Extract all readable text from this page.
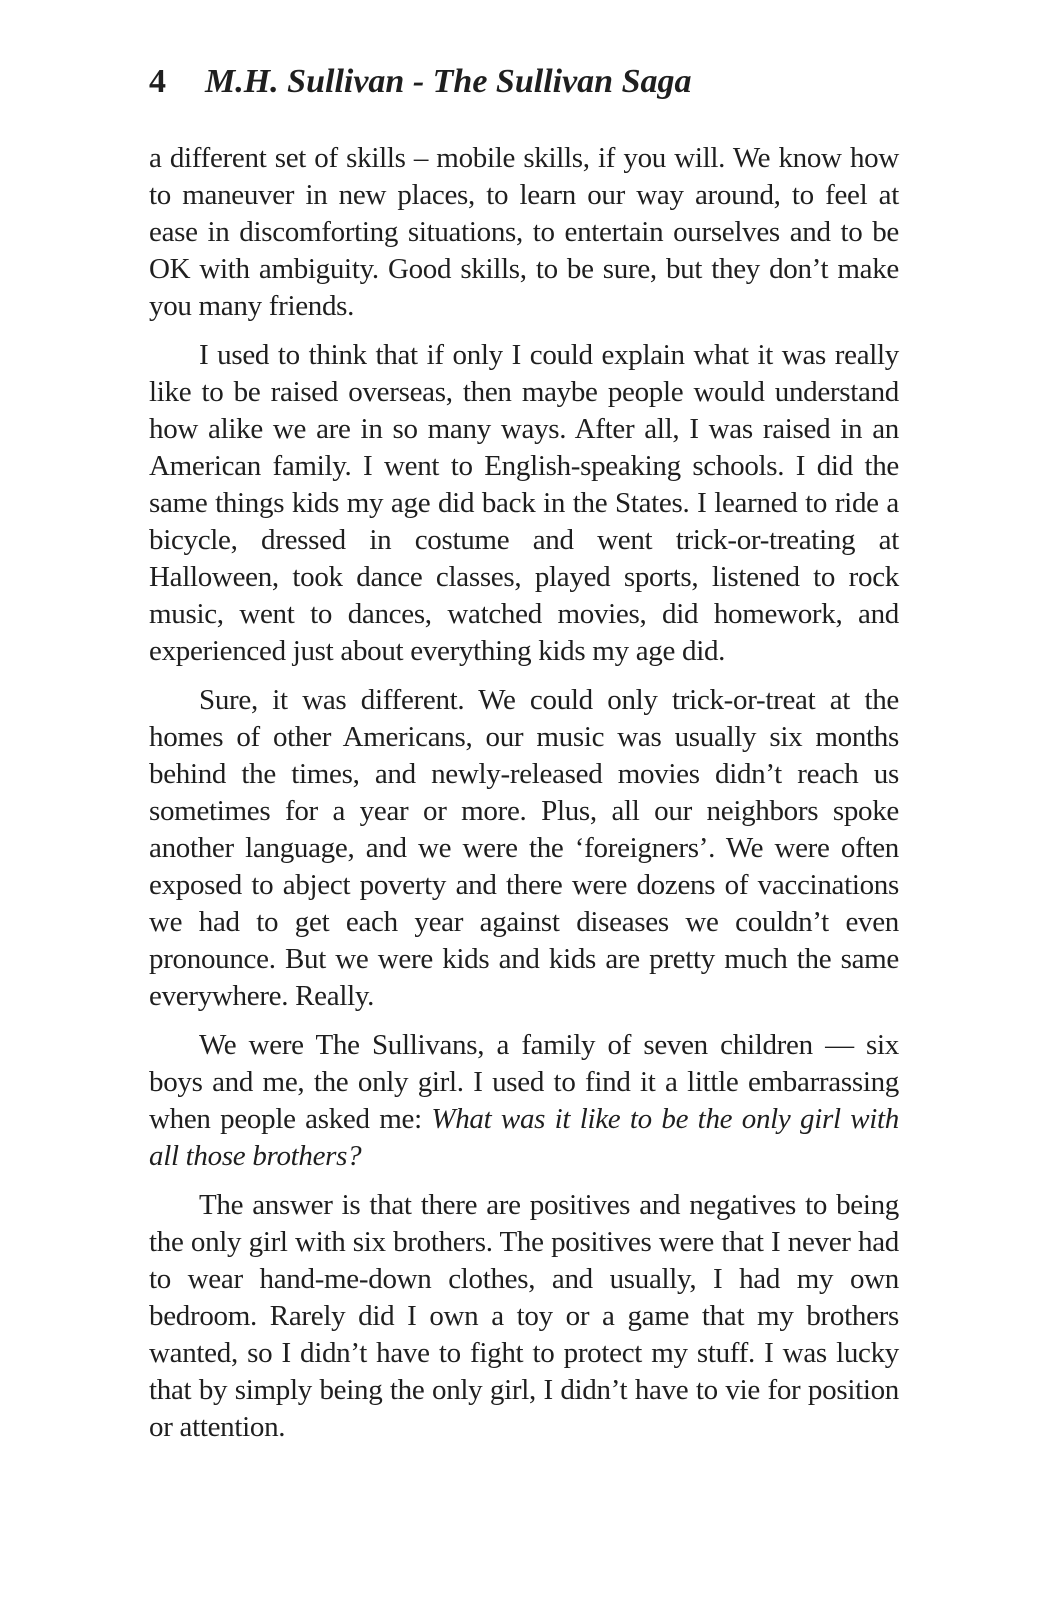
4 M.H. Sullivan - The Sullivan Saga

a different set of skills – mobile skills, if you will. We know how to maneuver in new places, to learn our way around, to feel at ease in discomforting situations, to entertain ourselves and to be OK with ambiguity. Good skills, to be sure, but they don’t make you many friends.

I used to think that if only I could explain what it was really like to be raised overseas, then maybe people would understand how alike we are in so many ways. After all, I was raised in an American family. I went to English-speaking schools. I did the same things kids my age did back in the States. I learned to ride a bicycle, dressed in costume and went trick-or-treating at Halloween, took dance classes, played sports, listened to rock music, went to dances, watched movies, did homework, and experienced just about everything kids my age did.

Sure, it was different. We could only trick-or-treat at the homes of other Americans, our music was usually six months behind the times, and newly-released movies didn’t reach us sometimes for a year or more. Plus, all our neighbors spoke another language, and we were the ‘foreigners’. We were often exposed to abject poverty and there were dozens of vaccinations we had to get each year against diseases we couldn’t even pronounce. But we were kids and kids are pretty much the same everywhere. Really.

We were The Sullivans, a family of seven children — six boys and me, the only girl. I used to find it a little embarrassing when people asked me: What was it like to be the only girl with all those brothers?

The answer is that there are positives and negatives to being the only girl with six brothers. The positives were that I never had to wear hand-me-down clothes, and usually, I had my own bedroom. Rarely did I own a toy or a game that my brothers wanted, so I didn’t have to fight to protect my stuff. I was lucky that by simply being the only girl, I didn’t have to vie for position or attention.
